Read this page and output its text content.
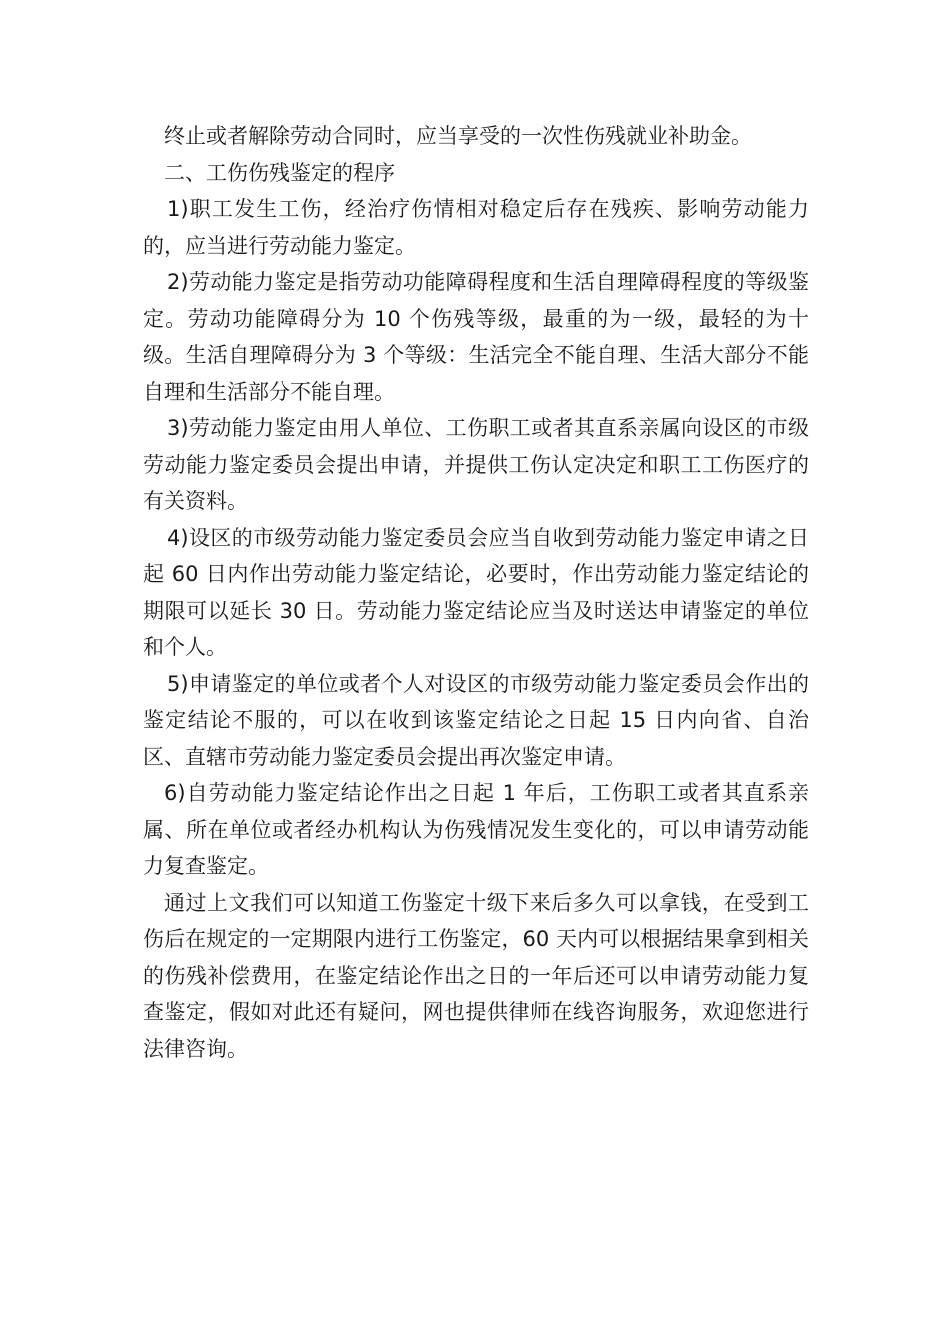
终止或者解除劳动合同时，应当享受的一次性伤残就业补助金。

二、工伤伤残鉴定的程序

1)职工发生工伤，经治疗伤情相对稳定后存在残疾、影响劳动能力的，应当进行劳动能力鉴定。

2)劳动能力鉴定是指劳动功能障碍程度和生活自理障碍程度的等级鉴定。劳动功能障碍分为 10 个伤残等级，最重的为一级，最轻的为十级。生活自理障碍分为 3 个等级：生活完全不能自理、生活大部分不能自理和生活部分不能自理。

3)劳动能力鉴定由用人单位、工伤职工或者其直系亲属向设区的市级劳动能力鉴定委员会提出申请，并提供工伤认定决定和职工工伤医疗的有关资料。

4)设区的市级劳动能力鉴定委员会应当自收到劳动能力鉴定申请之日起 60 日内作出劳动能力鉴定结论，必要时，作出劳动能力鉴定结论的期限可以延长 30 日。劳动能力鉴定结论应当及时送达申请鉴定的单位和个人。

5)申请鉴定的单位或者个人对设区的市级劳动能力鉴定委员会作出的鉴定结论不服的，可以在收到该鉴定结论之日起 15 日内向省、自治区、直辖市劳动能力鉴定委员会提出再次鉴定申请。

6)自劳动能力鉴定结论作出之日起 1 年后，工伤职工或者其直系亲属、所在单位或者经办机构认为伤残情况发生变化的，可以申请劳动能力复查鉴定。

通过上文我们可以知道工伤鉴定十级下来后多久可以拿钱，在受到工伤后在规定的一定期限内进行工伤鉴定，60 天内可以根据结果拿到相关的伤残补偿费用，在鉴定结论作出之日的一年后还可以申请劳动能力复查鉴定，假如对此还有疑问，网也提供律师在线咨询服务，欢迎您进行法律咨询。
